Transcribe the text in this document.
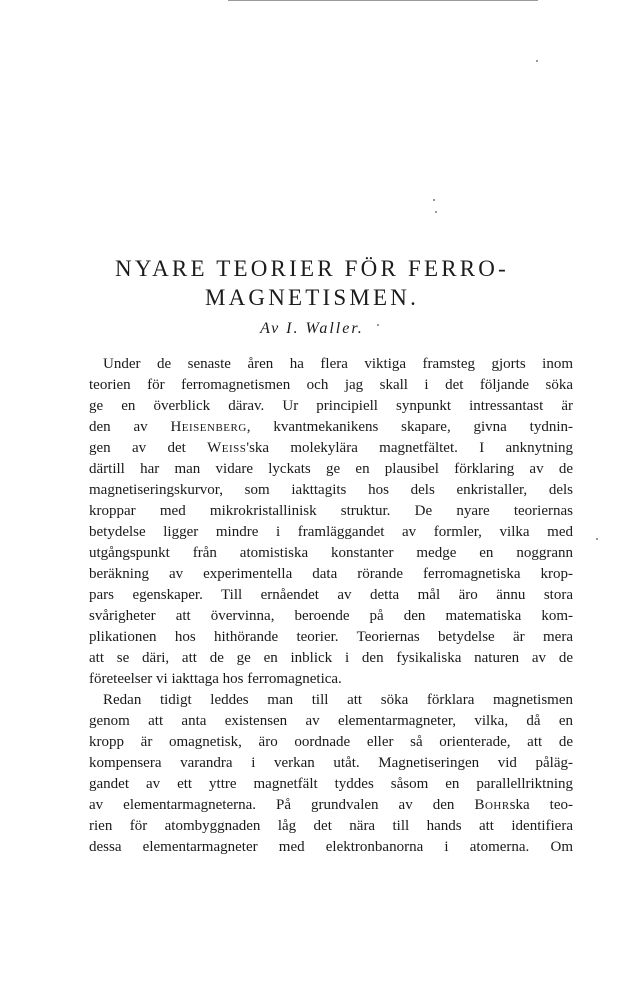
NYARE TEORIER FÖR FERRO-
MAGNETISMEN.
Av I. Waller.
Under de senaste åren ha flera viktiga framsteg gjorts inom
teorien för ferromagnetismen och jag skall i det följande söka
ge en överblick därav. Ur principiell synpunkt intressantast är
den av Heisenberg, kvantmekanikens skapare, givna tydnin-
gen av det Weiss'ska molekylära magnetfältet. I anknytning
därtill har man vidare lyckats ge en plausibel förklaring av de
magnetiseringskurvor, som iakttagits hos dels enkristaller, dels
kroppar med mikrokristallinisk struktur. De nyare teoriernas
betydelse ligger mindre i framläggandet av formler, vilka med
utgångspunkt från atomistiska konstanter medge en noggrann
beräkning av experimentella data rörande ferromagnetiska krop-
pars egenskaper. Till ernåendet av detta mål äro ännu stora
svårigheter att övervinna, beroende på den matematiska kom-
plikationen hos hithörande teorier. Teoriernas betydelse är mera
att se däri, att de ge en inblick i den fysikaliska naturen av de
företeelser vi iakttaga hos ferromagnetica.
Redan tidigt leddes man till att söka förklara magnetismen
genom att anta existensen av elementarmagneter, vilka, då en
kropp är omagnetisk, äro oordnade eller så orienterade, att de
kompensera varandra i verkan utåt. Magnetiseringen vid påläg-
gandet av ett yttre magnetfält tyddes såsom en parallellriktning
av elementarmagneterna. På grundvalen av den Bohrska teo-
rien för atombyggnaden låg det nära till hands att identifiera
dessa elementarmagneter med elektronbanorna i atomerna. Om
